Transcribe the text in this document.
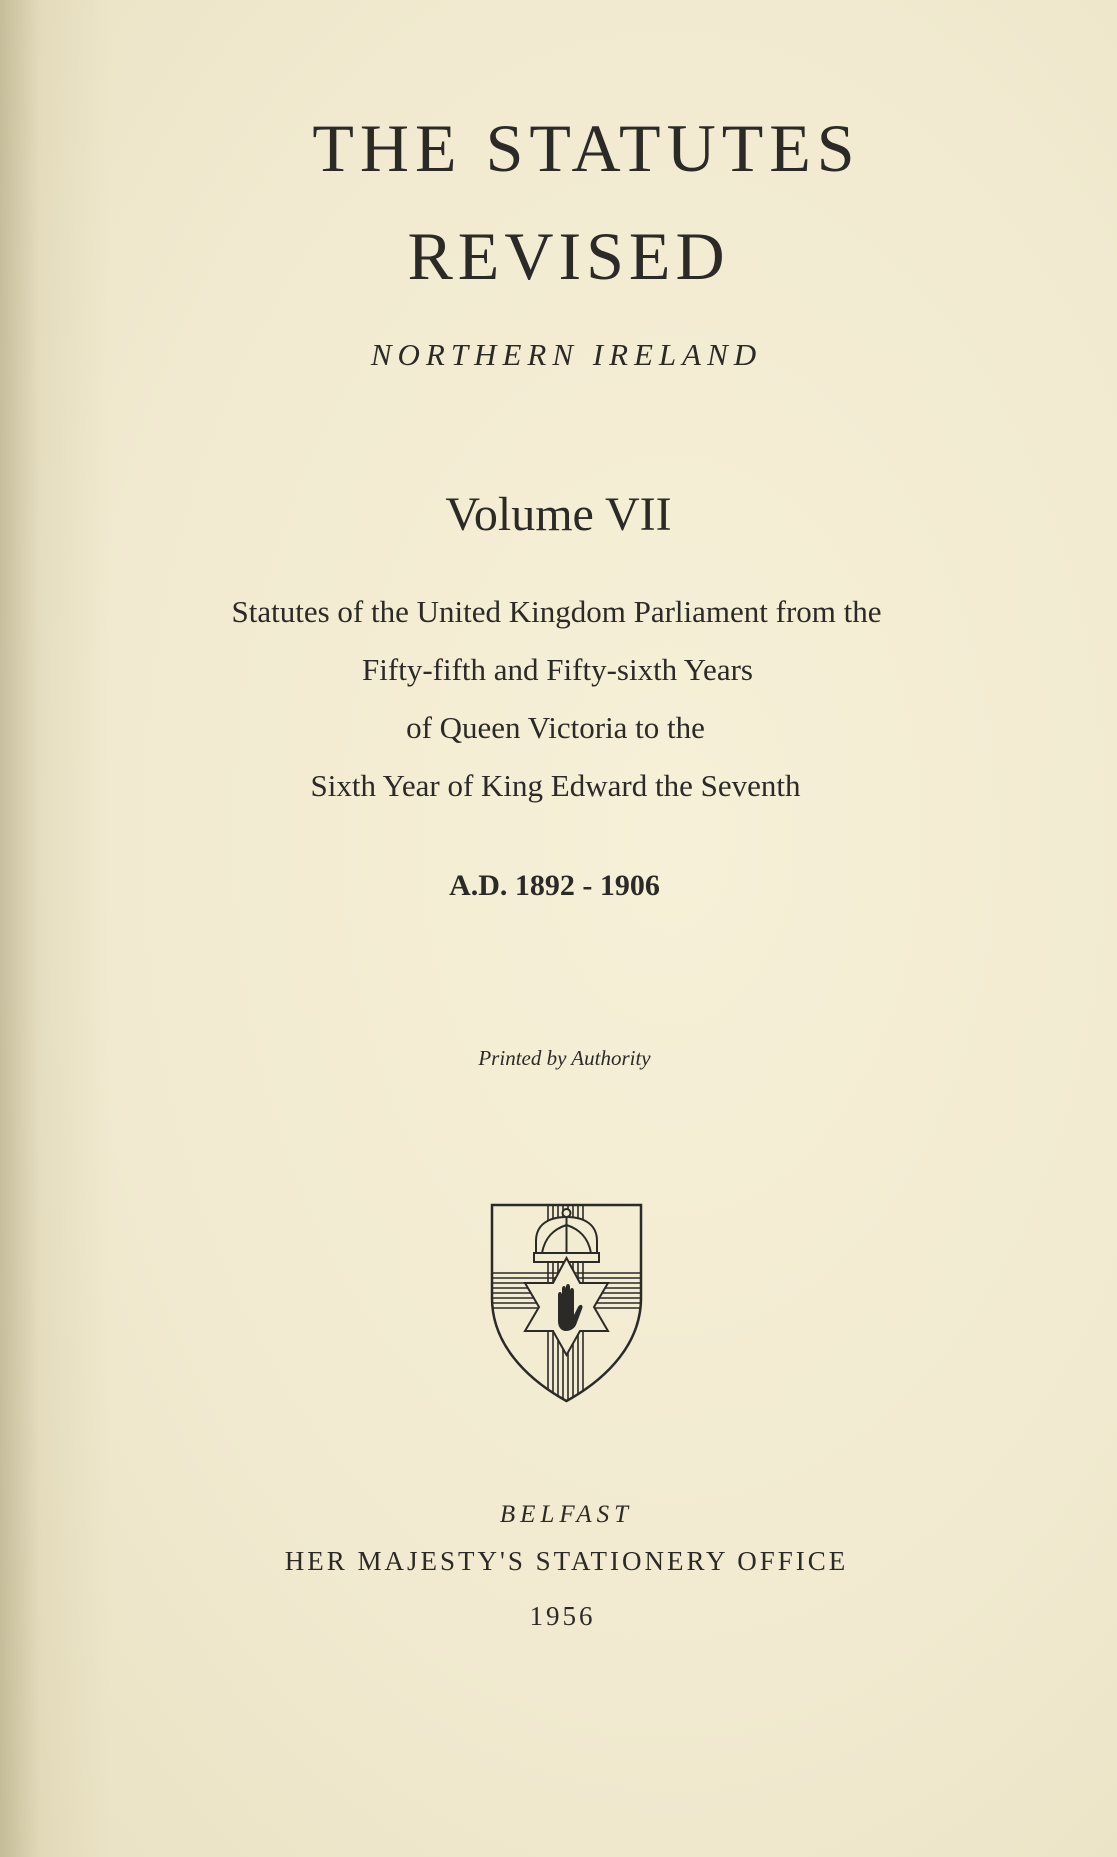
THE STATUTES
REVISED
NORTHERN IRELAND
Volume VII
Statutes of the United Kingdom Parliament from the
Fifty-fifth and Fifty-sixth Years
of Queen Victoria to the
Sixth Year of King Edward the Seventh
A.D. 1892 - 1906
Printed by Authority
BELFAST
HER MAJESTY'S STATIONERY OFFICE
1956
